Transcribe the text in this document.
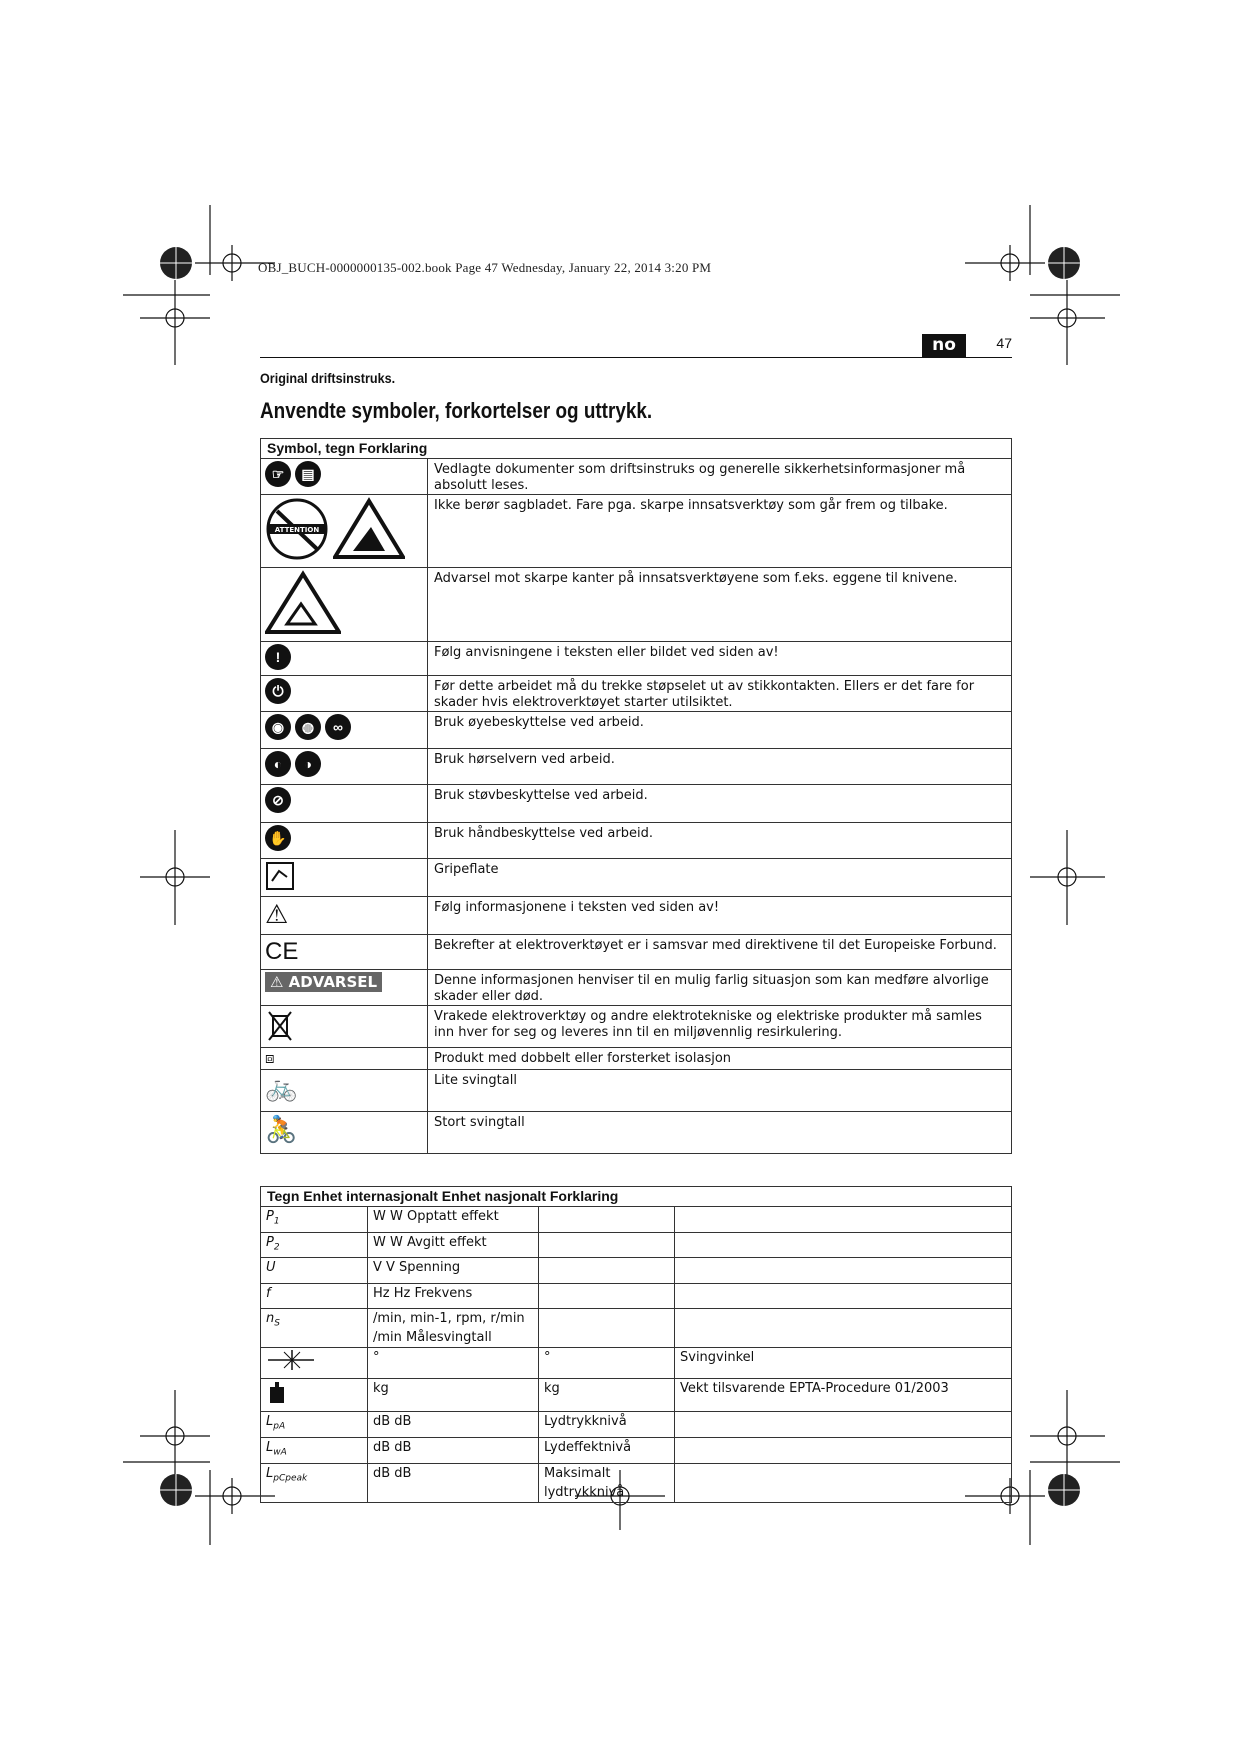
OBJ_BUCH-0000000135-002.book Page 47 Wednesday, January 22, 2014 3:20 PM
no	47
Original driftsinstruks.
Anvendte symboler, forkortelser og uttrykk.
Symbol, tegn Forklaring	

☞ ▤	Vedlagte dokumenter som driftsinstruks og generelle sikkerhetsinformasjoner må absolutt leses.

ATTENTION	Ikke berør sagbladet. Fare pga. skarpe innsatsverktøy som går frem og tilbake.
	Advarsel mot skarpe kanter på innsatsverktøyene som f.eks. eggene til knivene.
!	Følg anvisningene i teksten eller bildet ved siden av!
⏻	Før dette arbeidet må du trekke støpselet ut av stikkontakten. Ellers er det fare for skader hvis elektroverktøyet starter utilsiktet.

◉ ◍ ∞	Bruk øyebeskyttelse ved arbeid.

◐ ◑	Bruk hørselvern ved arbeid.
⊘	Bruk støvbeskyttelse ved arbeid.
✋	Bruk håndbeskyttelse ved arbeid.
	Gripeflate
⚠	Følg informasjonene i teksten ved siden av!
CE	Bekrefter at elektroverktøyet er i samsvar med direktivene til det Europeiske Forbund.
⚠ ADVARSEL	Denne informasjonen henviser til en mulig farlig situasjon som kan medføre alvorlige skader eller død.
	Vrakede elektroverktøy og andre elektrotekniske og elektriske produkter må samles inn hver for seg og leveres inn til en miljøvennlig resirkulering.
⧈	Produkt med dobbelt eller forsterket isolasjon
🚲	Lite svingtall
🚴	Stort svingtall
Tegn Enhet internasjonalt Enhet nasjonalt Forklaring			
$P_1$	W W Opptatt effekt		
$P_2$	W W Avgitt effekt		
U	V V Spenning		
f	Hz Hz Frekvens		
$n_S$	/min, min-1, rpm, r/min /min Målesvingtall		
	°	°	Svingvinkel
	kg	kg	Vekt tilsvarende EPTA-Procedure 01/2003
$L_{pA}$	dB dB	Lydtrykknivå	
$L_{wA}$	dB dB	Lydeffektnivå	
$L_{pCpeak}$	dB dB	Maksimalt lydtrykknivå	
